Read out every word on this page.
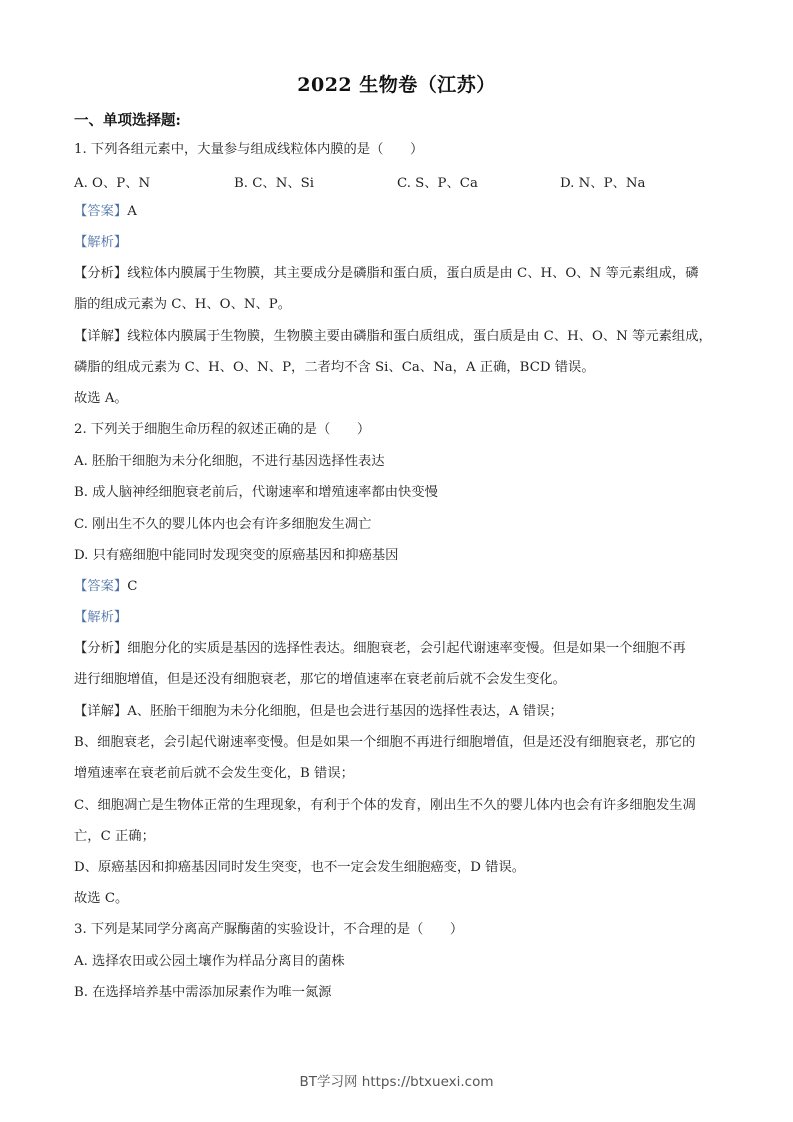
2022 生物卷（江苏）
一、单项选择题:
1. 下列各组元素中，大量参与组成线粒体内膜的是（　　）
A. O、P、N	B. C、N、Si	C. S、P、Ca	D. N、P、Na
【答案】A
【解析】
【分析】线粒体内膜属于生物膜，其主要成分是磷脂和蛋白质，蛋白质是由 C、H、O、N 等元素组成，磷
脂的组成元素为 C、H、O、N、P。
【详解】线粒体内膜属于生物膜，生物膜主要由磷脂和蛋白质组成，蛋白质是由 C、H、O、N 等元素组成，
磷脂的组成元素为 C、H、O、N、P，二者均不含 Si、Ca、Na，A 正确，BCD 错误。
故选 A。
2. 下列关于细胞生命历程的叙述正确的是（　　）
A. 胚胎干细胞为未分化细胞，不进行基因选择性表达
B. 成人脑神经细胞衰老前后，代谢速率和增殖速率都由快变慢
C. 刚出生不久的婴儿体内也会有许多细胞发生凋亡
D. 只有癌细胞中能同时发现突变的原癌基因和抑癌基因
【答案】C
【解析】
【分析】细胞分化的实质是基因的选择性表达。细胞衰老，会引起代谢速率变慢。但是如果一个细胞不再
进行细胞增值，但是还没有细胞衰老，那它的增值速率在衰老前后就不会发生变化。
【详解】A、胚胎干细胞为未分化细胞，但是也会进行基因的选择性表达，A 错误；
B、细胞衰老，会引起代谢速率变慢。但是如果一个细胞不再进行细胞增值，但是还没有细胞衰老，那它的
增殖速率在衰老前后就不会发生变化，B 错误；
C、细胞凋亡是生物体正常的生理现象，有利于个体的发育，刚出生不久的婴儿体内也会有许多细胞发生凋
亡，C 正确；
D、原癌基因和抑癌基因同时发生突变，也不一定会发生细胞癌变，D 错误。
故选 C。
3. 下列是某同学分离高产脲酶菌的实验设计，不合理的是（　　）
A. 选择农田或公园土壤作为样品分离目的菌株
B. 在选择培养基中需添加尿素作为唯一氮源
BT学习网 https://btxuexi.com
